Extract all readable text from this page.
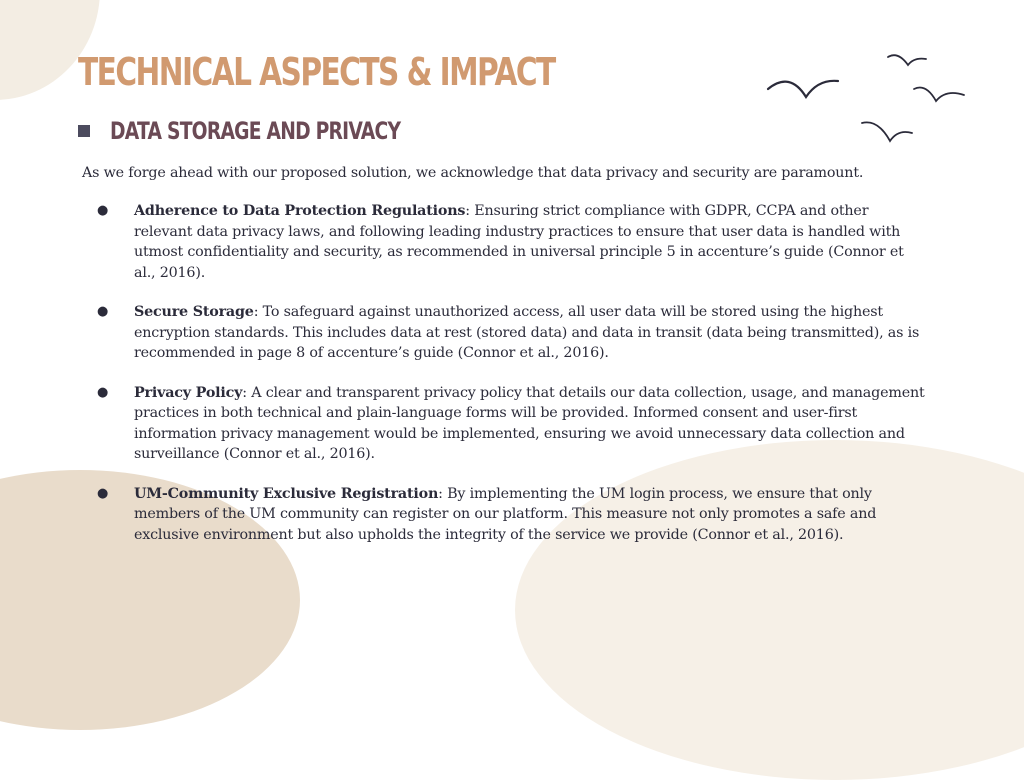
TECHNICAL ASPECTS & IMPACT
DATA STORAGE AND PRIVACY
As we forge ahead with our proposed solution, we acknowledge that data privacy and security are paramount.
●	Adherence to Data Protection Regulations: Ensuring strict compliance with GDPR, CCPA and other relevant data privacy laws, and following leading industry practices to ensure that user data is handled with utmost confidentiality and security, as recommended in universal principle 5 in accenture’s guide (Connor et al., 2016).
●	Secure Storage: To safeguard against unauthorized access, all user data will be stored using the highest encryption standards. This includes data at rest (stored data) and data in transit (data being transmitted), as is recommended in page 8 of accenture’s guide (Connor et al., 2016).
●	Privacy Policy: A clear and transparent privacy policy that details our data collection, usage, and management practices in both technical and plain-language forms will be provided. Informed consent and user-first information privacy management would be implemented, ensuring we avoid unnecessary data collection and surveillance (Connor et al., 2016).
●	UM-Community Exclusive Registration: By implementing the UM login process, we ensure that only members of the UM community can register on our platform. This measure not only promotes a safe and exclusive environment but also upholds the integrity of the service we provide (Connor et al., 2016).
